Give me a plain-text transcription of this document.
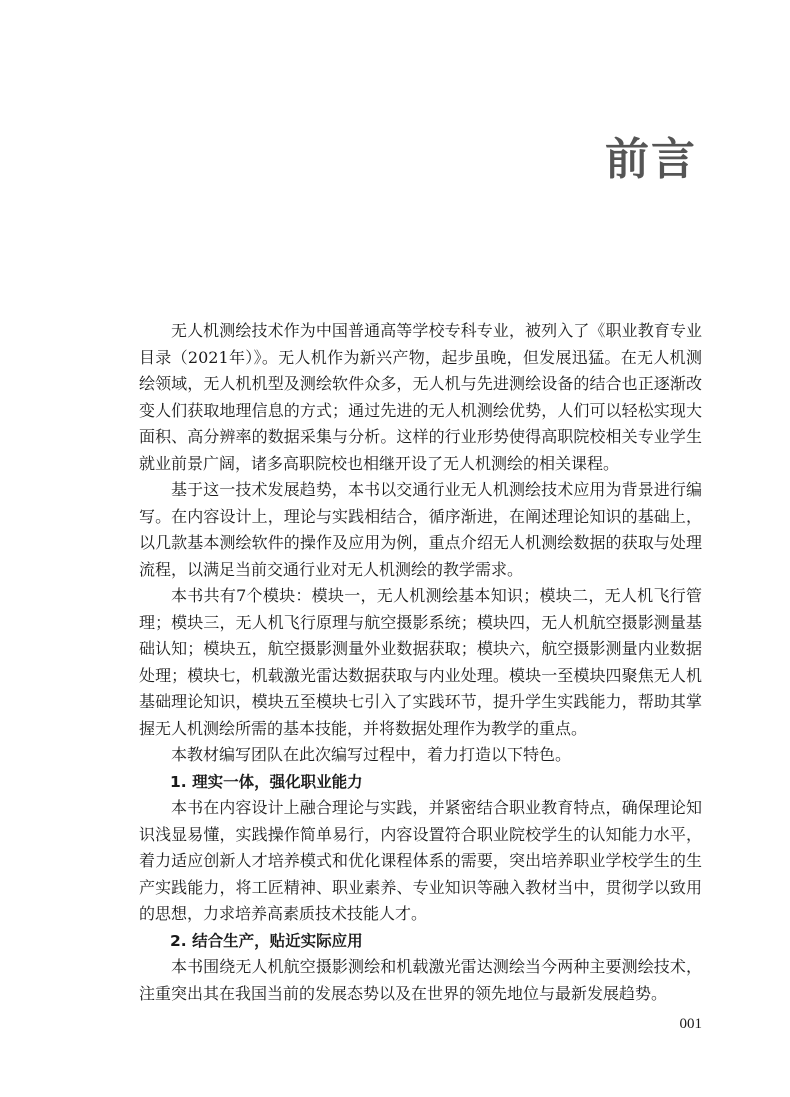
前言

无人机测绘技术作为中国普通高等学校专科专业，被列入了《职业教育专业目录（2021年）》。无人机作为新兴产物，起步虽晚，但发展迅猛。在无人机测绘领域，无人机机型及测绘软件众多，无人机与先进测绘设备的结合也正逐渐改变人们获取地理信息的方式；通过先进的无人机测绘优势，人们可以轻松实现大面积、高分辨率的数据采集与分析。这样的行业形势使得高职院校相关专业学生就业前景广阔，诸多高职院校也相继开设了无人机测绘的相关课程。

基于这一技术发展趋势，本书以交通行业无人机测绘技术应用为背景进行编写。在内容设计上，理论与实践相结合，循序渐进，在阐述理论知识的基础上，以几款基本测绘软件的操作及应用为例，重点介绍无人机测绘数据的获取与处理流程，以满足当前交通行业对无人机测绘的教学需求。

本书共有7个模块：模块一，无人机测绘基本知识；模块二，无人机飞行管理；模块三，无人机飞行原理与航空摄影系统；模块四，无人机航空摄影测量基础认知；模块五，航空摄影测量外业数据获取；模块六，航空摄影测量内业数据处理；模块七，机载激光雷达数据获取与内业处理。模块一至模块四聚焦无人机基础理论知识，模块五至模块七引入了实践环节，提升学生实践能力，帮助其掌握无人机测绘所需的基本技能，并将数据处理作为教学的重点。

本教材编写团队在此次编写过程中，着力打造以下特色。

1. 理实一体，强化职业能力

本书在内容设计上融合理论与实践，并紧密结合职业教育特点，确保理论知识浅显易懂，实践操作简单易行，内容设置符合职业院校学生的认知能力水平，着力适应创新人才培养模式和优化课程体系的需要，突出培养职业学校学生的生产实践能力，将工匠精神、职业素养、专业知识等融入教材当中，贯彻学以致用的思想，力求培养高素质技术技能人才。

2. 结合生产，贴近实际应用

本书围绕无人机航空摄影测绘和机载激光雷达测绘当今两种主要测绘技术，注重突出其在我国当前的发展态势以及在世界的领先地位与最新发展趋势。

001
